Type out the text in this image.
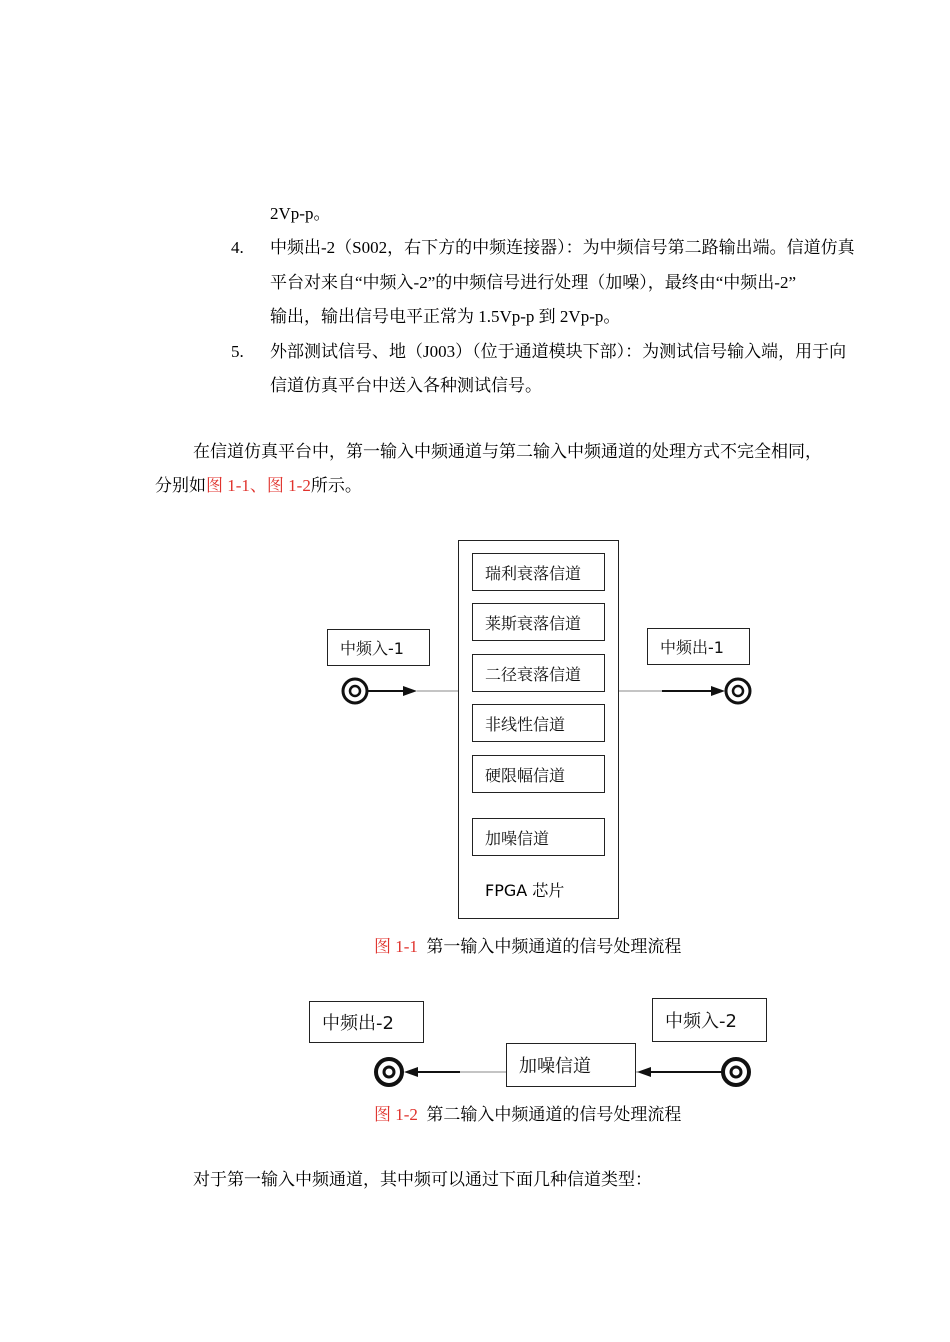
2Vp-p。
4. 中频出-2（S002，右下方的中频连接器）：为中频信号第二路输出端。信道仿真
平台对来自“中频入-2”的中频信号进行处理（加噪），最终由“中频出-2”
输出，输出信号电平正常为 1.5Vp-p 到 2Vp-p。
5. 外部测试信号、地（J003）（位于通道模块下部）：为测试信号输入端，用于向
信道仿真平台中送入各种测试信号。
在信道仿真平台中，第一输入中频通道与第二输入中频通道的处理方式不完全相同，
分别如图 1-1、图 1-2所示。
中频入-1	中频出-1
瑞利衰落信道
莱斯衰落信道
二径衰落信道
非线性信道
硬限幅信道
加噪信道
FPGA 芯片
图 1-1 第一输入中频通道的信号处理流程
中频出-2	中频入-2
加噪信道
图 1-2 第二输入中频通道的信号处理流程
对于第一输入中频通道，其中频可以通过下面几种信道类型：
